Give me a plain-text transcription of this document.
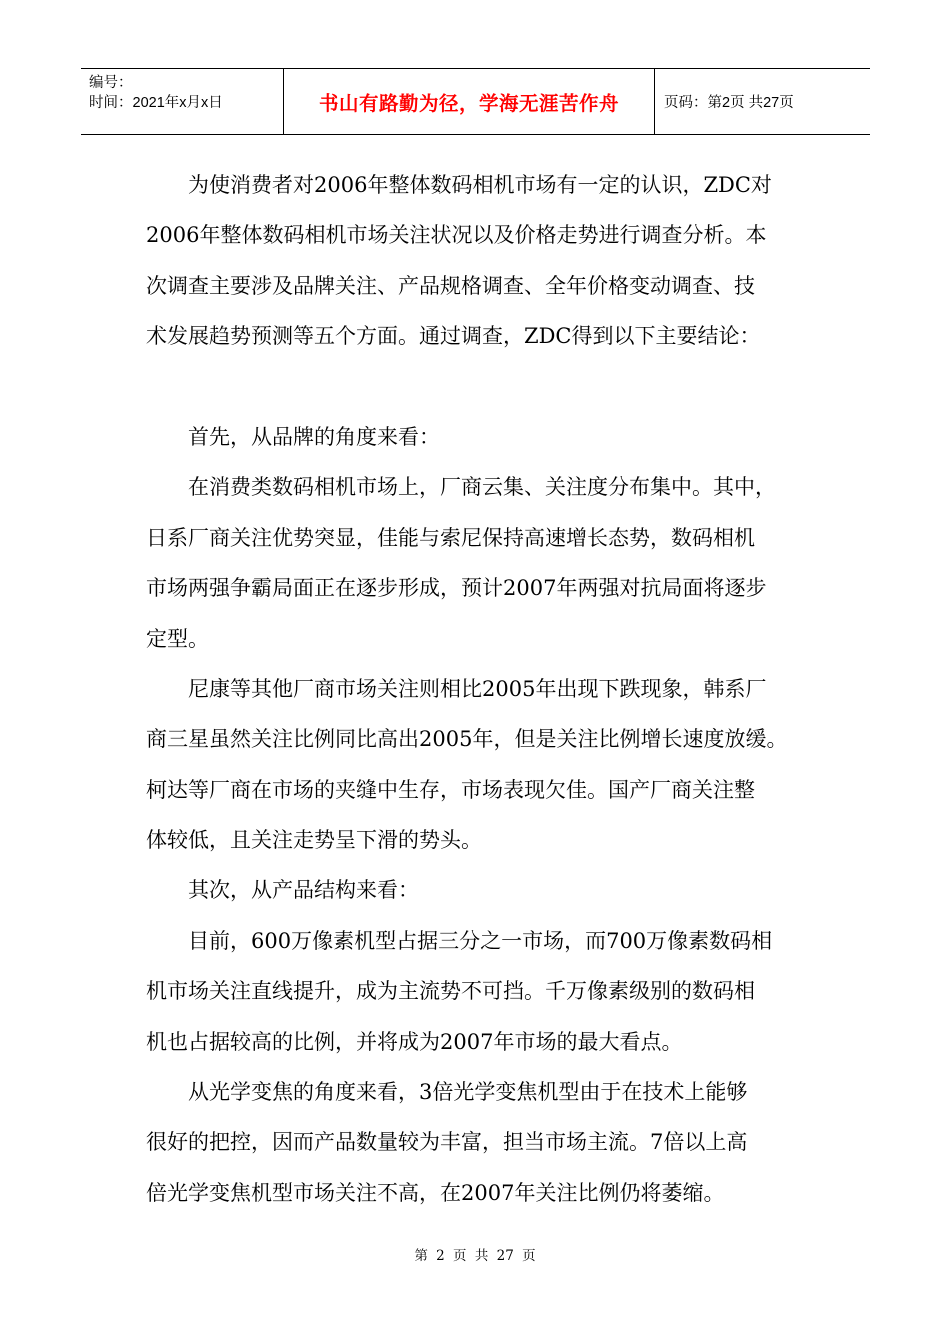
编号：
时间：2021年x月x日	书山有路勤为径，学海无涯苦作舟	页码：第2页 共27页
为使消费者对2006年整体数码相机市场有一定的认识，ZDC对
2006年整体数码相机市场关注状况以及价格走势进行调查分析。本
次调查主要涉及品牌关注、产品规格调查、全年价格变动调查、技
术发展趋势预测等五个方面。通过调查，ZDC得到以下主要结论：
首先，从品牌的角度来看：
在消费类数码相机市场上，厂商云集、关注度分布集中。其中，
日系厂商关注优势突显，佳能与索尼保持高速增长态势，数码相机
市场两强争霸局面正在逐步形成，预计2007年两强对抗局面将逐步
定型。
尼康等其他厂商市场关注则相比2005年出现下跌现象，韩系厂
商三星虽然关注比例同比高出2005年，但是关注比例增长速度放缓。
柯达等厂商在市场的夹缝中生存，市场表现欠佳。国产厂商关注整
体较低，且关注走势呈下滑的势头。
其次，从产品结构来看：
目前，600万像素机型占据三分之一市场，而700万像素数码相
机市场关注直线提升，成为主流势不可挡。千万像素级别的数码相
机也占据较高的比例，并将成为2007年市场的最大看点。
从光学变焦的角度来看，3倍光学变焦机型由于在技术上能够
很好的把控，因而产品数量较为丰富，担当市场主流。7倍以上高
倍光学变焦机型市场关注不高，在2007年关注比例仍将萎缩。
第 2 页 共 27 页
